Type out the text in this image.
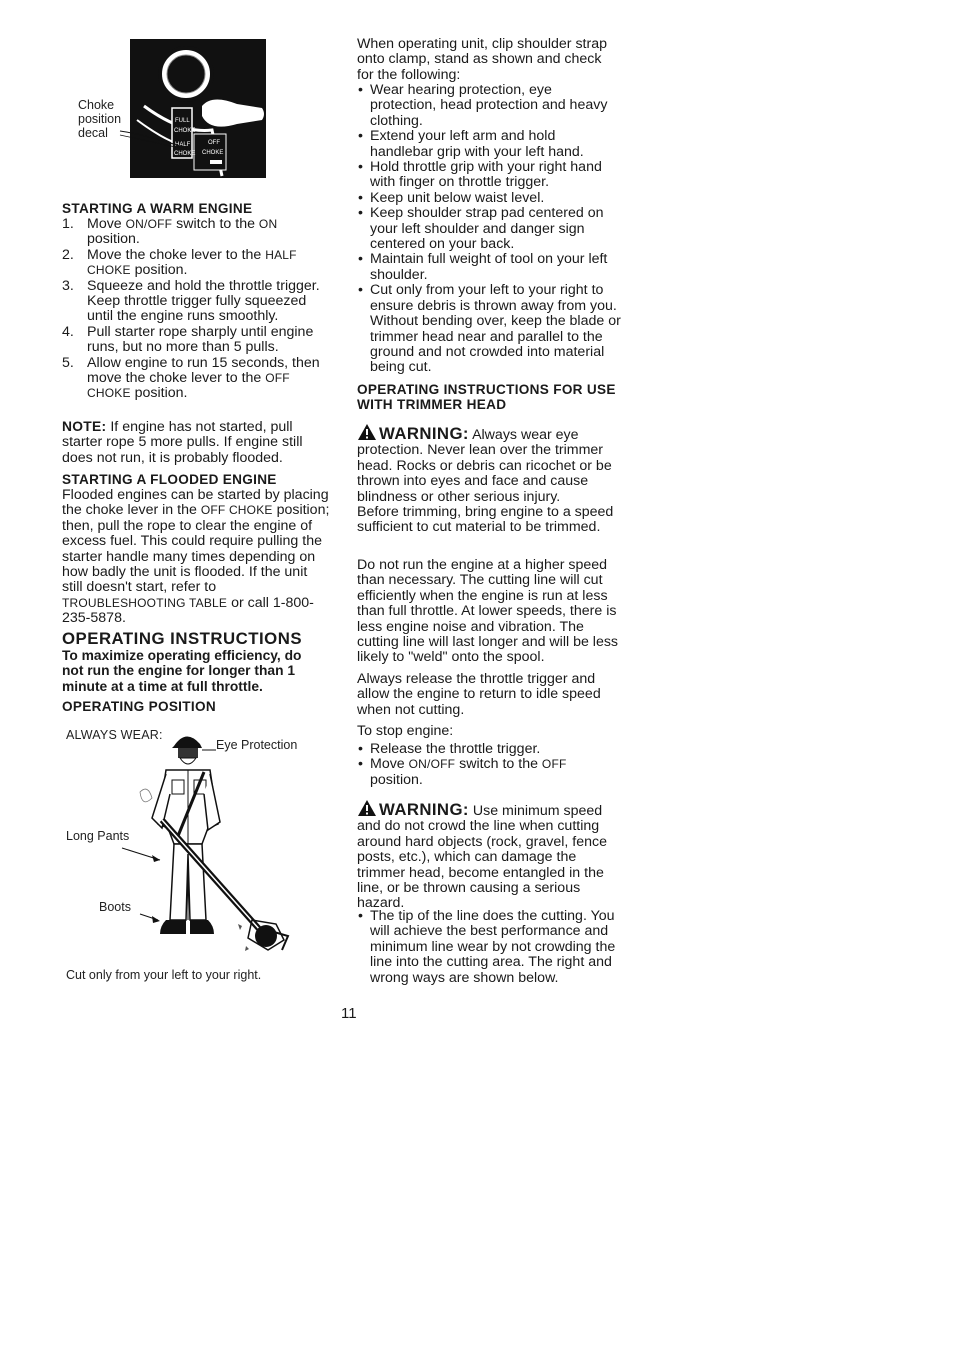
Choke position decal
FULL
CHOKE
HALF	OFF
CHOKE CHOKE
STARTING A WARM ENGINE
1. Move ON/OFF switch to the ON position.
2. Move the choke lever to the HALF CHOKE position.
3. Squeeze and hold the throttle trigger. Keep throttle trigger fully squeezed until the engine runs smoothly.
4. Pull starter rope sharply until engine runs, but no more than 5 pulls.
5. Allow engine to run 15 seconds, then move the choke lever to the OFF CHOKE position.

NOTE: If engine has not started, pull starter rope 5 more pulls. If engine still does not run, it is probably flooded.

STARTING A FLOODED ENGINE

Flooded engines can be started by placing the choke lever in the OFF CHOKE position; then, pull the rope to clear the engine of excess fuel. This could require pulling the starter handle many times depending on how badly the unit is flooded. If the unit still doesn't start, refer to TROUBLESHOOTING TABLE or call 1-800-235-5878.

OPERATING INSTRUCTIONS

To maximize operating efficiency, do not run the engine for longer than 1 minute at a time at full throttle.

OPERATING POSITION
ALWAYS WEAR:
Eye Protection
Long Pants
Boots
Cut only from your left to your right.

When operating unit, clip shoulder strap onto clamp, stand as shown and check for the following:

• Wear hearing protection, eye protection, head protection and heavy clothing.
• Extend your left arm and hold handlebar grip with your left hand.
• Hold throttle grip with your right hand with finger on throttle trigger.
• Keep unit below waist level.
• Keep shoulder strap pad centered on your left shoulder and danger sign centered on your back.
• Maintain full weight of tool on your left shoulder.
• Cut only from your left to your right to ensure debris is thrown away from you. Without bending over, keep the blade or trimmer head near and parallel to the ground and not crowded into material being cut.
OPERATING INSTRUCTIONS FOR USE WITH TRIMMER HEAD

WARNING: Always wear eye protection. Never lean over the trimmer head. Rocks or debris can ricochet or be thrown into eyes and face and cause blindness or other serious injury.

Before trimming, bring engine to a speed sufficient to cut material to be trimmed.

Do not run the engine at a higher speed than necessary. The cutting line will cut efficiently when the engine is run at less than full throttle. At lower speeds, there is less engine noise and vibration. The cutting line will last longer and will be less likely to "weld" onto the spool.

Always release the throttle trigger and allow the engine to return to idle speed when not cutting.

To stop engine:

• Release the throttle trigger.
• Move ON/OFF switch to the OFF position.

WARNING: Use minimum speed and do not crowd the line when cutting around hard objects (rock, gravel, fence posts, etc.), which can damage the trimmer head, become entangled in the line, or be thrown causing a serious hazard.

• The tip of the line does the cutting. You will achieve the best performance and minimum line wear by not crowding the line into the cutting area. The right and wrong ways are shown below.
11
